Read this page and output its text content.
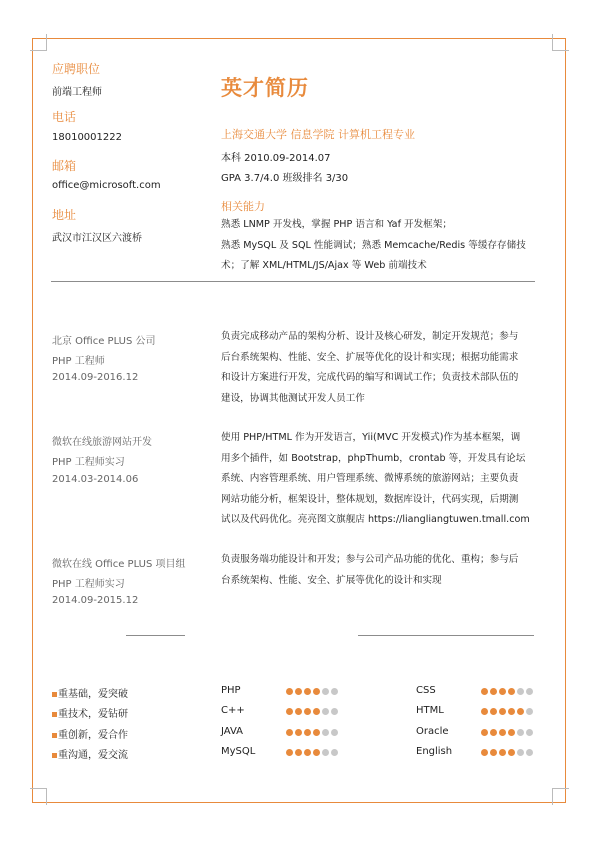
应聘职位
前端工程师
电话
18010001222
邮箱
office@microsoft.com
地址
武汉市江汉区六渡桥
英才简历
上海交通大学 信息学院 计算机工程专业
本科 2010.09-2014.07
GPA 3.7/4.0 班级排名 3/30
相关能力
熟悉 LNMP 开发栈，掌握 PHP 语言和 Yaf 开发框架；
熟悉 MySQL 及 SQL 性能调试；熟悉 Memcache/Redis 等缓存存储技
术；了解 XML/HTML/JS/Ajax 等 Web 前端技术
北京 Office PLUS 公司
PHP 工程师
2014.09-2016.12
负责完成移动产品的架构分析、设计及核心研发，制定开发规范；参与
后台系统架构、性能、安全、扩展等优化的设计和实现；根据功能需求
和设计方案进行开发，完成代码的编写和调试工作；负责技术部队伍的
建设，协调其他测试开发人员工作
微软在线旅游网站开发
PHP 工程师实习
2014.03-2014.06
使用 PHP/HTML 作为开发语言，Yii(MVC 开发模式)作为基本框架，调
用多个插件，如 Bootstrap，phpThumb，crontab 等，开发具有论坛
系统、内容管理系统、用户管理系统、微博系统的旅游网站；主要负责
网站功能分析，框架设计，整体规划，数据库设计，代码实现，后期测
试以及代码优化。亮亮图文旗舰店 https://liangliangtuwen.tmall.com
微软在线 Office PLUS 项目组
PHP 工程师实习
2014.09-2015.12
负责服务端功能设计和开发；参与公司产品功能的优化、重构；参与后
台系统架构、性能、安全、扩展等优化的设计和实现
重基础，爱突破
重技术，爱钻研
重创新，爱合作
重沟通，爱交流
PHP
C++
JAVA
MySQL
CSS
HTML
Oracle
English
